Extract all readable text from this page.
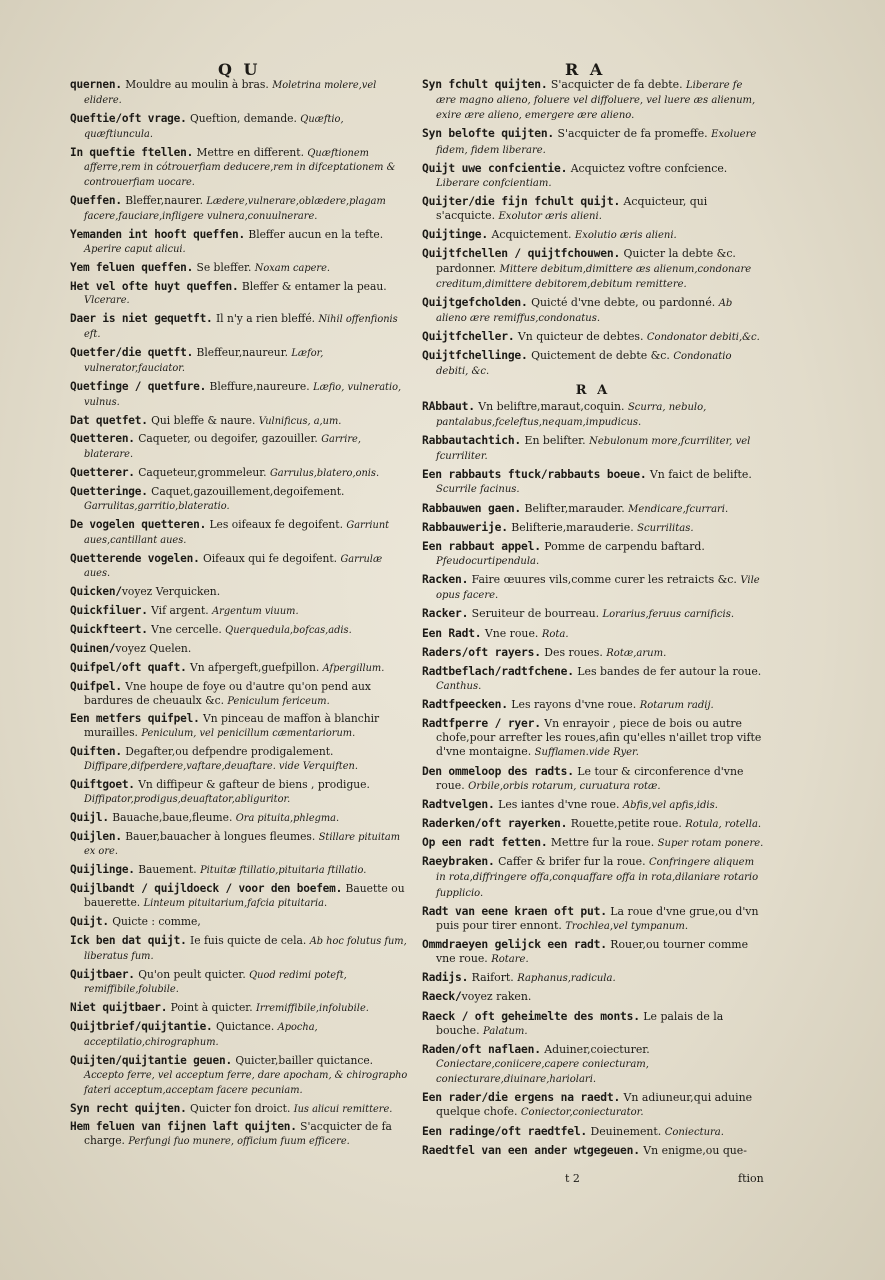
Q U	R A
quernen. Mouldre au moulin à bras. Moletrina molere,vel elidere.
Queftie/oft vrage. Queftion, demande. Quæftio, quæftiuncula.
In queftie ftellen. Mettre en different. Quæftionem afferre,rem in cótrouerfiam deducere,rem in difceptationem & controuerfiam uocare.
Queffen. Bleffer,naurer. Lædere,vulnerare,oblædere,plagam facere,fauciare,infligere vulnera,conuulnerare.
Yemanden int hooft queffen. Bleffer aucun en la tefte. Aperire caput alicui.
Yem feluen queffen. Se bleffer. Noxam capere.
Het vel ofte huyt queffen. Bleffer & entamer la peau. Vlcerare.
Daer is niet gequetft. Il n'y a rien bleffé. Nihil offenfionis eft.
Quetfer/die quetft. Bleffeur,naureur. Læfor, vulnerator,fauciator.
Quetfinge / quetfure. Bleffure,naureure. Læfio, vulneratio, vulnus.
Dat quetfet. Qui bleffe & naure. Vulnificus, a,um.
Quetteren. Caqueter, ou degoifer, gazouiller. Garrire, blaterare.
Quetterer. Caqueteur,grommeleur. Garrulus,blatero,onis.
Quetteringe. Caquet,gazouillement,degoifement. Garrulitas,garritio,blateratio.
De vogelen quetteren. Les oifeaux fe degoifent. Garriunt aues,cantillant aues.
Quetterende vogelen. Oifeaux qui fe degoifent. Garrulæ aues.
Quicken/voyez Verquicken.
Quickfiluer. Vif argent. Argentum viuum.
Quickfteert. Vne cercelle. Querquedula,bofcas,adis.
Quinen/voyez Quelen.
Quifpel/oft quaft. Vn afpergeft,guefpillon. Afpergillum.
Quifpel. Vne houpe de foye ou d'autre qu'on pend aux bardures de cheuaulx &c. Peniculum fericeum.
Een metfers quifpel. Vn pinceau de maffon à blanchir murailles. Peniculum, vel penicillum cæmentariorum.
Quiften. Degafter,ou defpendre prodigalement. Diffipare,difperdere,vaftare,deuaftare. vide Verquiften.
Quiftgoet. Vn diffipeur & gafteur de biens , prodigue. Diffipator,prodigus,deuaftator,abliguritor.
Quijl. Bauache,baue,fleume. Ora pituita,phlegma.
Quijlen. Bauer,bauacher à longues fleumes. Stillare pituitam ex ore.
Quijlinge. Bauement. Pituitæ ftillatio,pituitaria ftillatio.
Quijlbandt / quijldoeck / voor den boefem. Bauette ou bauerette. Linteum pituitarium,fafcia pituitaria.
Quijt. Quicte : comme,
Ick ben dat quijt. Ie fuis quicte de cela. Ab hoc folutus fum, liberatus fum.
Quijtbaer. Qu'on peult quicter. Quod redimi poteft, remiffibile,folubile.
Niet quijtbaer. Point à quicter. Irremiffibile,infolubile.
Quijtbrief/quijtantie. Quictance. Apocha, acceptilatio,chirographum.
Quijten/quijtantie geuen. Quicter,bailler quictance. Accepto ferre, vel acceptum ferre, dare apocham, & chirographo fateri acceptum,acceptam facere pecuniam.
Syn recht quijten. Quicter fon droict. Ius alicui remittere.
Hem feluen van fijnen laft quijten. S'acquicter de fa charge. Perfungi fuo munere, officium fuum efficere.
Syn fchult quijten. S'acquicter de fa debte. Liberare fe ære magno alieno, foluere vel diffoluere, vel luere æs alienum, exire ære alieno, emergere ære alieno.
Syn belofte quijten. S'acquicter de fa promeffe. Exoluere fidem, fidem liberare.
Quijt uwe confcientie. Acquictez voftre confcience. Liberare confcientiam.
Quijter/die fijn fchult quijt. Acquicteur, qui s'acquicte. Exolutor æris alieni.
Quijtinge. Acquictement. Exolutio æris alieni.
Quijtfchellen / quijtfchouwen. Quicter la debte &c. pardonner. Mittere debitum,dimittere æs alienum,condonare creditum,dimittere debitorem,debitum remittere.
Quijtgefcholden. Quicté d'vne debte, ou pardonné. Ab alieno ære remiffus,condonatus.
Quijtfcheller. Vn quicteur de debtes. Condonator debiti,&c.
Quijtfchellinge. Quictement de debte &c. Condonatio debiti, &c.
R A
RAbbaut. Vn beliftre,maraut,coquin. Scurra, nebulo, pantalabus,fceleftus,nequam,impudicus.
Rabbautachtich. En belifter. Nebulonum more,fcurriliter, vel fcurriliter.
Een rabbauts ftuck/rabbauts boeue. Vn faict de belifte. Scurrile facinus.
Rabbauwen gaen. Belifter,marauder. Mendicare,fcurrari.
Rabbauwerije. Belifterie,marauderie. Scurrilitas.
Een rabbaut appel. Pomme de carpendu baftard. Pfeudocurtipendula.
Racken. Faire œuures vils,comme curer les retraicts &c. Vile opus facere.
Racker. Seruiteur de bourreau. Lorarius,feruus carnificis.
Een Radt. Vne roue. Rota.
Raders/oft rayers. Des roues. Rotæ,arum.
Radtbeflach/radtfchene. Les bandes de fer autour la roue. Canthus.
Radtfpeecken. Les rayons d'vne roue. Rotarum radij.
Radtfperre / ryer. Vn enrayoir , piece de bois ou autre chofe,pour arrefter les roues,afin qu'elles n'aillet trop vifte d'vne montaigne. Sufflamen.vide Ryer.
Den ommeloop des radts. Le tour & circonference d'vne roue. Orbile,orbis rotarum, curuatura rotæ.
Radtvelgen. Les iantes d'vne roue. Abfis,vel apfis,idis.
Raderken/oft rayerken. Rouette,petite roue. Rotula, rotella.
Op een radt fetten. Mettre fur la roue. Super rotam ponere.
Raeybraken. Caffer & brifer fur la roue. Confringere aliquem in rota,diffringere offa,conquaffare offa in rota,dilaniare rotario fupplicio.
Radt van eene kraen oft put. La roue d'vne grue,ou d'vn puis pour tirer ennont. Trochlea,vel tympanum.
Ommdraeyen gelijck een radt. Rouer,ou tourner comme vne roue. Rotare.
Radijs. Raifort. Raphanus,radicula.
Raeck/voyez raken.
Raeck / oft geheimelte des monts. Le palais de la bouche. Palatum.
Raden/oft naflaen. Aduiner,coiecturer. Coniectare,coniicere,capere coniecturam, coniecturare,diuinare,hariolari.
Een rader/die ergens na raedt. Vn adiuneur,qui aduine quelque chofe. Coniector,coniecturator.
Een radinge/oft raedtfel. Deuinement. Coniectura.
Raedtfel van een ander wtgegeuen. Vn enigme,ou que-
t 2	ftion
